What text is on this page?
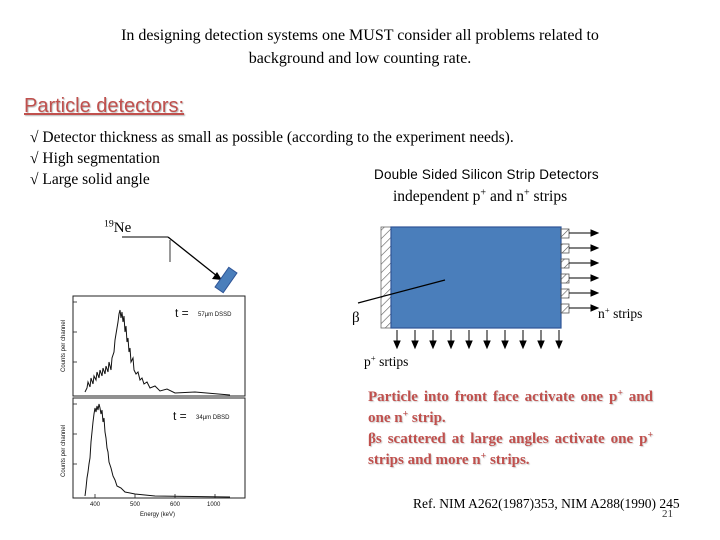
In designing detection systems one MUST consider all problems related to
background and low counting rate.
Particle detectors:
√ Detector thickness as small as possible (according to the experiment needs).
√ High segmentation
√ Large solid angle	Double Sided Silicon Strip Detectors
independent p+ and n+ strips
$^{19}$Ne
β	n+ strips
p+ srtips
Particle into front face activate one p+ and one n+ strip.
βs scattered at large angles activate one p+ strips and more n+ strips.
t = 57µm DSSD
t = 34µm DBSD
Counts per channel
Counts per channel
400	500	600	1000
Energy (keV)
Ref. NIM A262(1987)353, NIM A288(1990) 245
21
